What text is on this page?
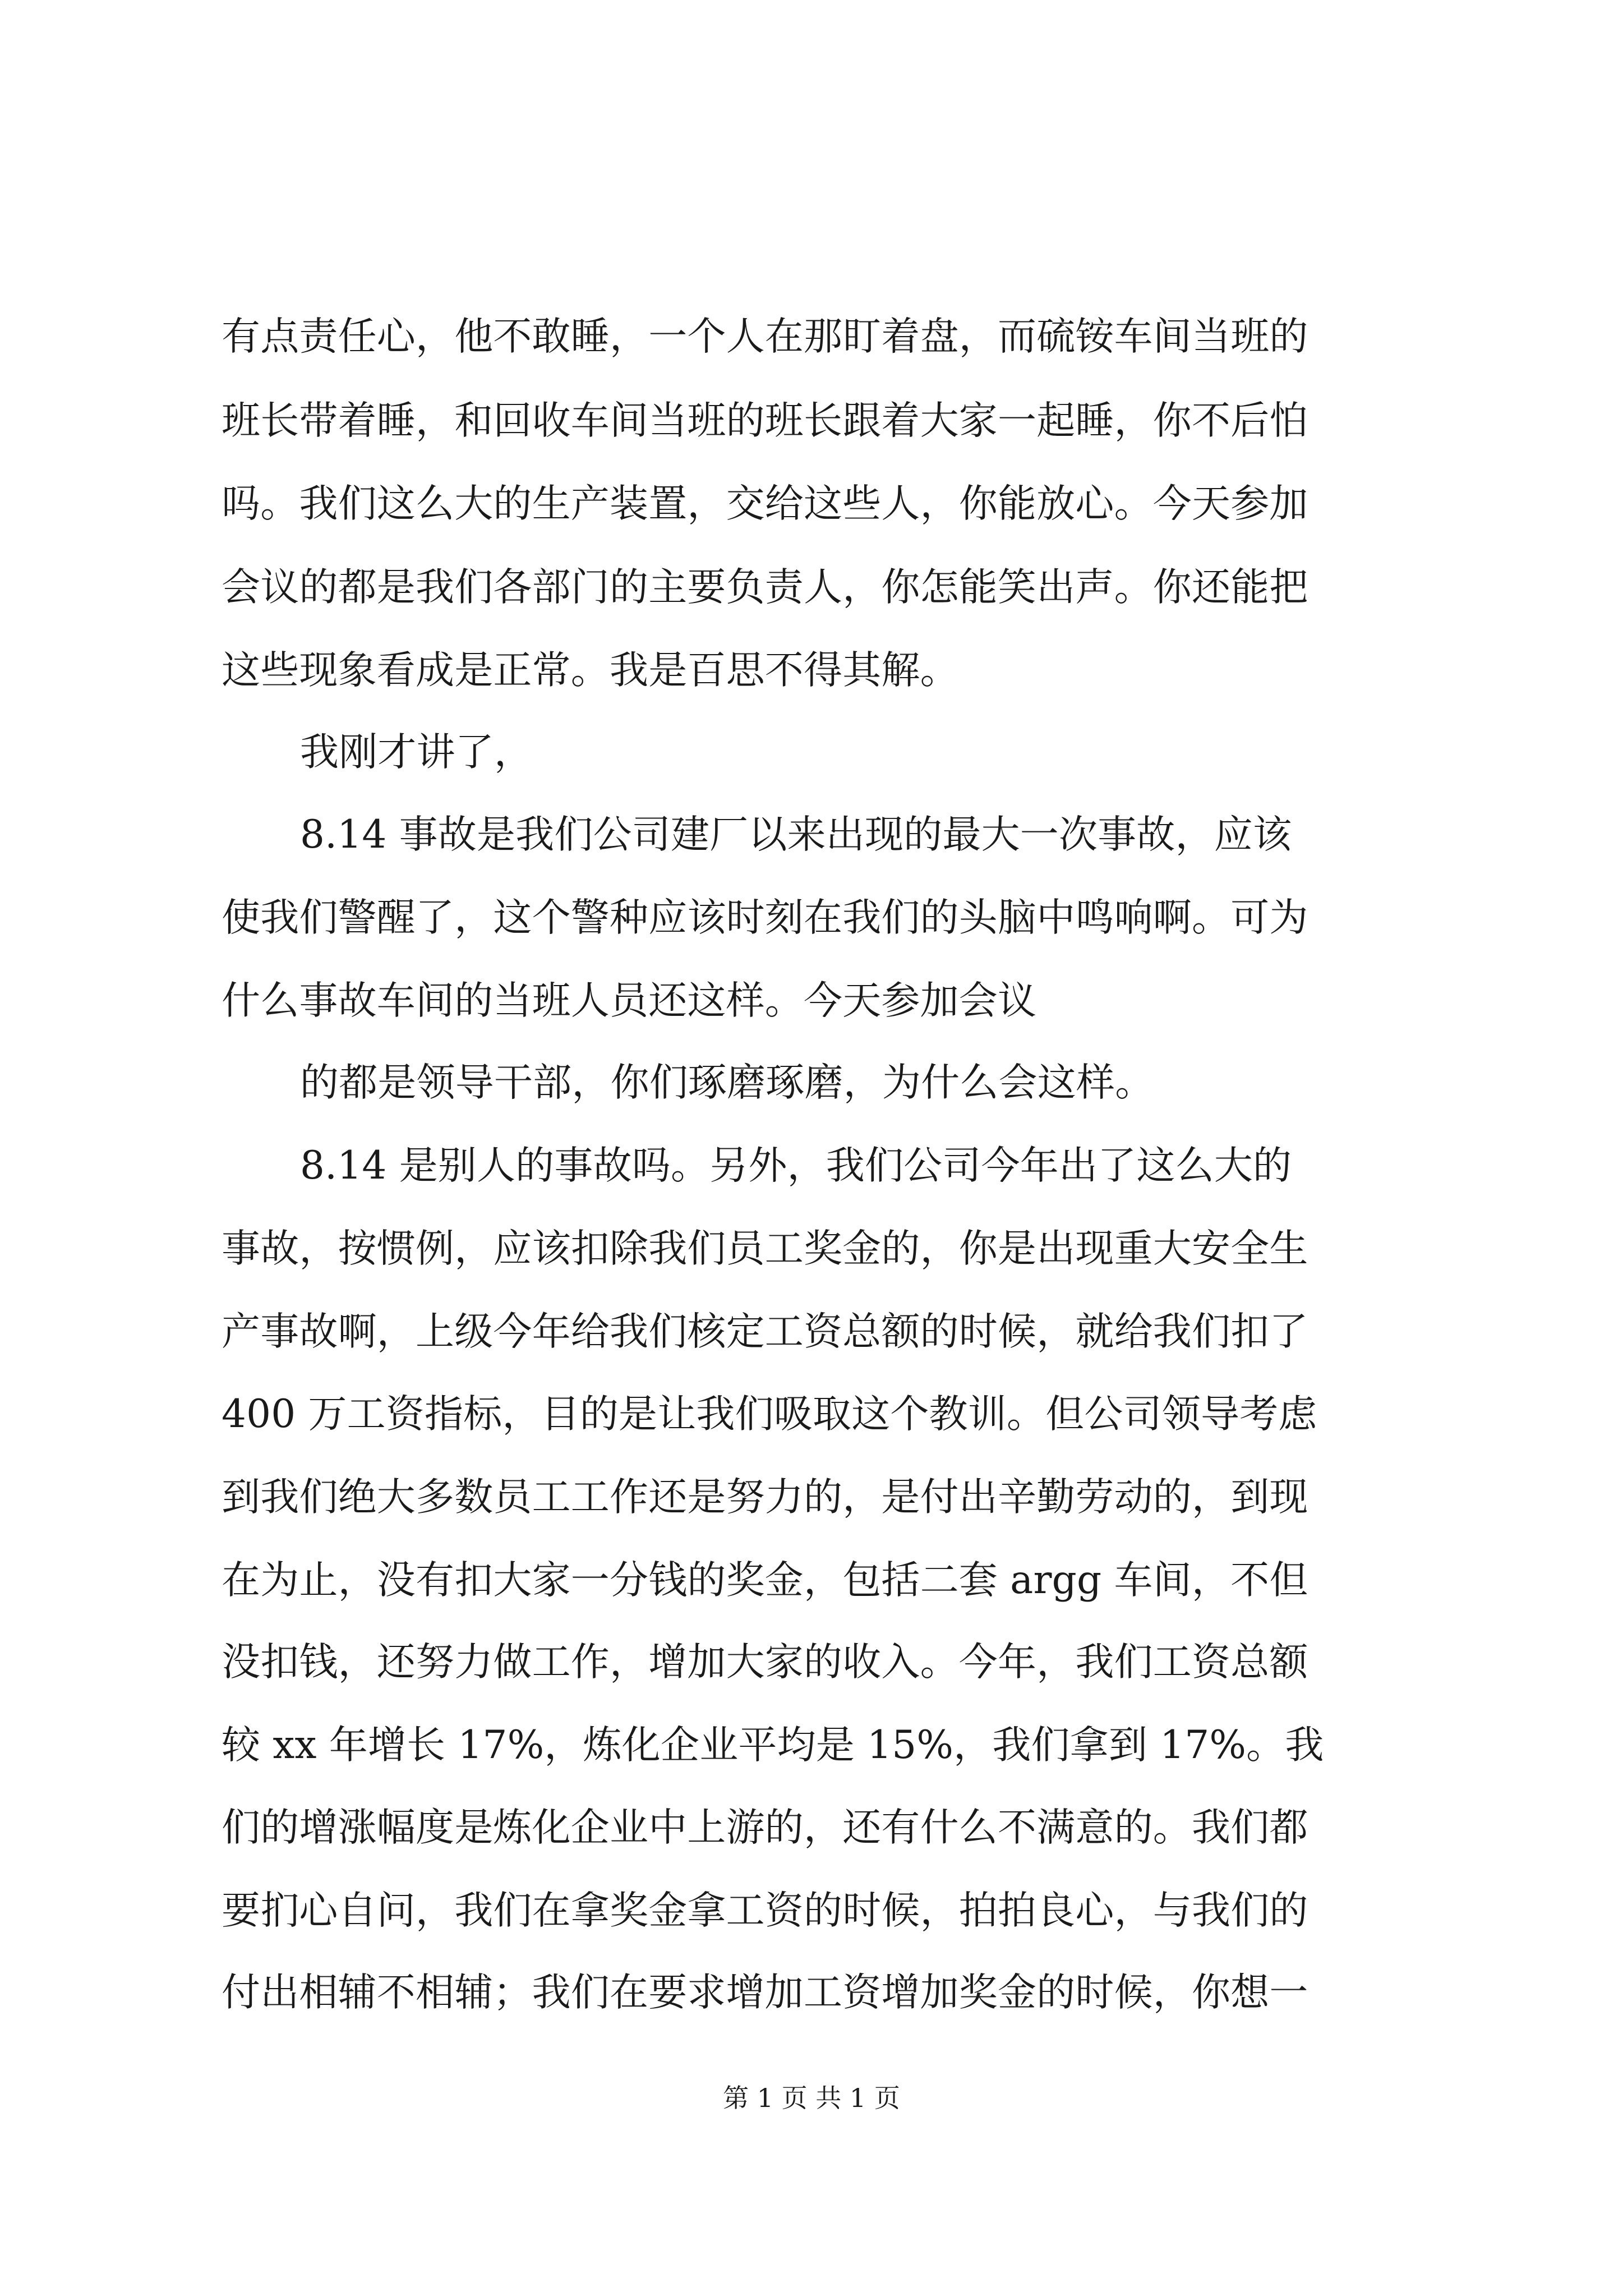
有点责任心，他不敢睡，一个人在那盯着盘，而硫铵车间当班的
班长带着睡，和回收车间当班的班长跟着大家一起睡，你不后怕
吗。我们这么大的生产装置，交给这些人，你能放心。今天参加
会议的都是我们各部门的主要负责人，你怎能笑出声。你还能把
这些现象看成是正常。我是百思不得其解。
我刚才讲了，
8.14 事故是我们公司建厂以来出现的最大一次事故，应该
使我们警醒了，这个警种应该时刻在我们的头脑中鸣响啊。可为
什么事故车间的当班人员还这样。今天参加会议
的都是领导干部，你们琢磨琢磨，为什么会这样。
8.14 是别人的事故吗。另外，我们公司今年出了这么大的
事故，按惯例，应该扣除我们员工奖金的，你是出现重大安全生
产事故啊，上级今年给我们核定工资总额的时候，就给我们扣了
400 万工资指标，目的是让我们吸取这个教训。但公司领导考虑
到我们绝大多数员工工作还是努力的，是付出辛勤劳动的，到现
在为止，没有扣大家一分钱的奖金，包括二套 argg 车间，不但
没扣钱，还努力做工作，增加大家的收入。今年，我们工资总额
较 xx 年增长 17%，炼化企业平均是 15%，我们拿到 17%。我
们的增涨幅度是炼化企业中上游的，还有什么不满意的。我们都
要扪心自问，我们在拿奖金拿工资的时候，拍拍良心，与我们的
付出相辅不相辅；我们在要求增加工资增加奖金的时候，你想一
第 1 页 共 1 页
